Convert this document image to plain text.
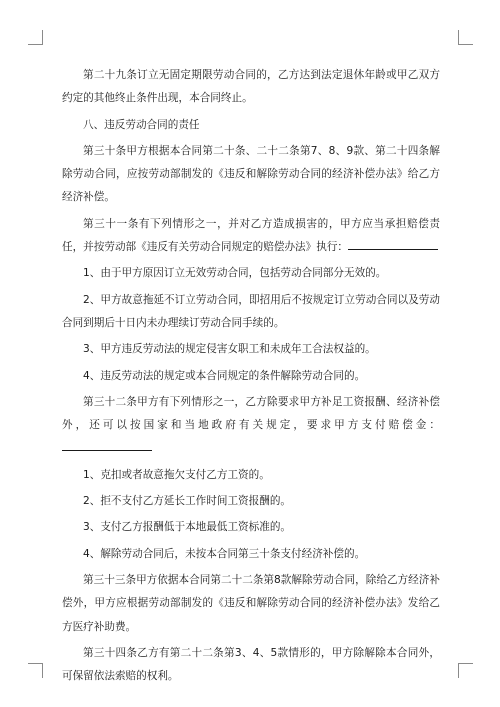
第二十九条订立无固定期限劳动合同的，乙方达到法定退休年龄或甲乙双方约定的其他终止条件出现，本合同终止。

八、违反劳动合同的责任

第三十条甲方根据本合同第二十条、二十二条第7、8、9款、第二十四条解除劳动合同，应按劳动部制发的《违反和解除劳动合同的经济补偿办法》给乙方经济补偿。

第三十一条有下列情形之一，并对乙方造成损害的，甲方应当承担赔偿责任，并按劳动部《违反有关劳动合同规定的赔偿办法》执行：

1、由于甲方原因订立无效劳动合同，包括劳动合同部分无效的。

2、甲方故意拖延不订立劳动合同，即招用后不按规定订立劳动合同以及劳动合同到期后十日内未办理续订劳动合同手续的。

3、甲方违反劳动法的规定侵害女职工和未成年工合法权益的。

4、违反劳动法的规定或本合同规定的条件解除劳动合同的。

第三十二条甲方有下列情形之一，乙方除要求甲方补足工资报酬、经济补偿外，还可以按国家和当地政府有关规定，要求甲方支付赔偿金：

1、克扣或者故意拖欠支付乙方工资的。

2、拒不支付乙方延长工作时间工资报酬的。

3、支付乙方报酬低于本地最低工资标准的。

4、解除劳动合同后，未按本合同第三十条支付经济补偿的。

第三十三条甲方依据本合同第二十二条第8款解除劳动合同，除给乙方经济补偿外，甲方应根据劳动部制发的《违反和解除劳动合同的经济补偿办法》发给乙方医疗补助费。

第三十四条乙方有第二十二条第3、4、5款情形的，甲方除解除本合同外，可保留依法索赔的权利。
